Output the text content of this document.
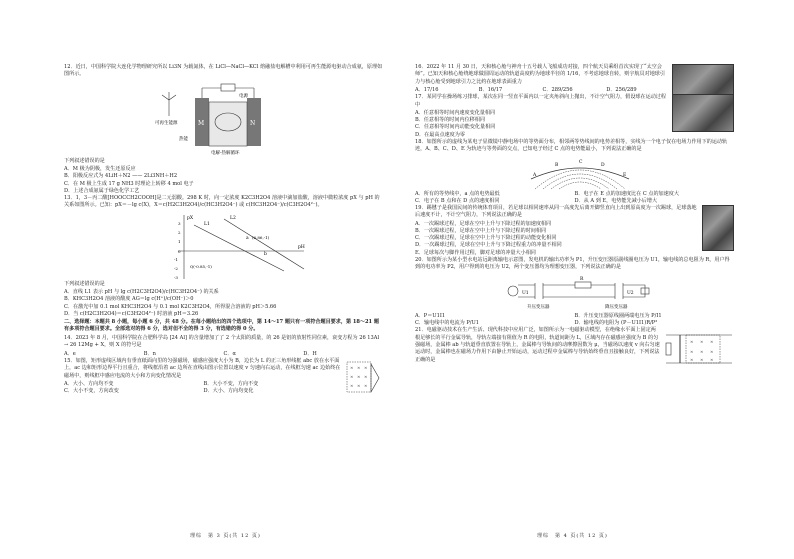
12．近日，中国科学院大连化学物理研究所以 Li3N 为载氮体，在 LiCl—NaCl—KCl 熔融盐电解槽中利用可再生能源电驱动合成氨，原理如图所示。

电源
M	N
可再生能源
热能
电解-热解循环

下列叙述错误的是

A．M 极为阴极，发生还原反应

B．阳极反应式为 4LiH＋N2 —— 2Li3NH＋H2

C．在 M 极上生成 17 g NH3 时理论上转移 4 mol 电子

D．上述合成氨属于绿色化学工艺

13．1，3－丙二酸[HOOCCH2COOH]是二元弱酸。298 K 时，向一定浓度 K2C3H2O4 溶液中滴加盐酸，溶液中微粒浓度 pX 与 pH 的关系如图所示。已知：pX＝－lg c(X)，X＝c(H2C3H2O4)/c(HC3H2O4⁻) 或 c(HC3H2O4⁻)/c(C3H2O4²⁻)。

pX
pH
3
2
1
0
-1
-2
-3
L1
L2
a (6.86,-1)
b
Q(-0.85,-1)

下列叙述错误的是

A．直线 L1 表示 pH 与 lg c(H2C3H2O4)/c(HC3H2O4⁻) 的关系

B．KHC3H2O4 溶液的酸度 AG＝lg c(H⁺)/c(OH⁻)＞0

C．在激光中加 0.1 mol KHC3H2O4 与 0.1 mol K2C3H2O4，所得混合溶液的 pH＞5.66

D．当 c(H2C3H2O4)＝c(C3H2O4²⁻) 时溶液 pH＝3.26

二、选择题：本题共 8 小题，每小题 6 分，共 48 分。在每小题给出的四个选项中，第 14～17 题只有一项符合题目要求，第 18～21 题有多项符合题目要求。全部选对的得 6 分，选对但不全的得 3 分，有选错的得 0 分。

14．2023 年 8 月，中国科学院在合肥科学岛 [24 Al] 的含量增加了了 2 个太阳的质量，的 26 是铝的放射性同位素，衰变方程为 26 13Al → 26 12Mg + X，则 X 的符号是

A．e	B．n	C．α	D．H

15．如图，矩形虚线区域内有垂直纸面向里的匀强磁场，磁感应强度大小为 B，边长为 L 的正三角形线框 abc 放在水平面上，ac 边和矩形边界平行且重合，将线框沿着 ac 边所在直线由图示位置以速度 v 匀速向右运动，在线框匀速 ac 边始终在磁场中，则线框中感应电流的大小和方向变化情况是

× × ×
× × ×
× × ×
A．大小、方向均不变	B．大小不变，方向不变
C．大小不变，方向改变	D．大小、方向均变化
理综　第 3 页(共 12 页)

16．2022 年 11 月 30 日，天和核心舱与神舟十五号载人飞船成功对接，四个航天员乘组首次实现了“太空会师”。已知天和核心舱绕地球做圆周运动的轨道高度约为地球半径的 1/16，不考虑地球自转，则宇航员对地球引力与核心舱受到地球引力之比约在地球表面重力

A．17/16	B．16/17	C．289/256	D．256/289

17．某同学在操场练习排球，某次在同一竖直平面内以一定夹角斜向上抛出，不计空气阻力，假设球在运动过程中

A．任意相等时间内速度变化量相同

B．任意相等的时间内位移相同

C．任意相等时间内动能变化量相同

D．在最高点速度为零

18．如图所示的虚线为某电子显微镜中静电场中的等势面分布，相邻两等势线间的电势差相等，实线为一个电子仅在电场力作用下的运动轨迹，A、B、C、D、E 为轨迹与等势面的交点，已知电子经过 C 点的电势能最小，下列说法正确的是

A
B
C
D
E
A．所有的等势线中，a 点的电势最低	B．电子在 E 点的加速度比在 C 点的加速度大
C．电子在 B 点和在 D 点的速度相同	D．从 A 到 E，电势能先减小后增大

19．踢毽子是我国民间的传统体育项目，若足球以相同速率从同一高度先后离开脚竖直向上出到原高度为一次踢球，足球落地后速度不计，不计空气阻力，下列说法正确的是

A．一次踢球过程，足球在空中上升与下降过程的加速度相同

B．一次踢球过程，足球在空中上升与下降过程的时间相同

C．一次踢球过程，足球在空中上升与下降过程的动能变化相同

D．一次踢球过程，足球在空中上升与下降过程重力的冲量不相同

E．足球每次与脚作用过程，脚对足球的冲量大小相同

20．如图所示为某小型水电站远距离输电示意图，发电机的输出功率为 P1，升压变压器原副线圈电压为 U1，输电线的总电阻为 R，用户得到的电功率为 P2，用户得到的电压为 U2，两个变压器均为理想变压器，下列说法正确的是

R
U1	U2
升压变压器	降压变压器
A．P＝U1I1	B．升压变压器原线圈两端电压为 P/I1
C．输电线中的电流为 P/U1	D．输电线的电阻为 (P－U1I1)R/P²
× × ×
× × ×
× × ×

21．电磁驱动技术在生产生活、现代科技中应用广泛，如图所示为一电磁驱动模型，在绝缘水平面上固定两根足够长的平行金属导轨，导轨左端接有阻值为 R 的电阻，轨道间距为 L，区域内存在磁感应强度为 B 的匀强磁场，金属棒 ab 与轨道垂直放置在导轨上，金属棒与导轨间的动摩擦因数为 μ，当磁场以速度 v 向右匀速运动时，金属棒也在磁场力作用下由静止开始运动，运动过程中金属棒与导轨始终垂直且接触良好，下列说法正确的是

理综　第 4 页(共 12 页)
